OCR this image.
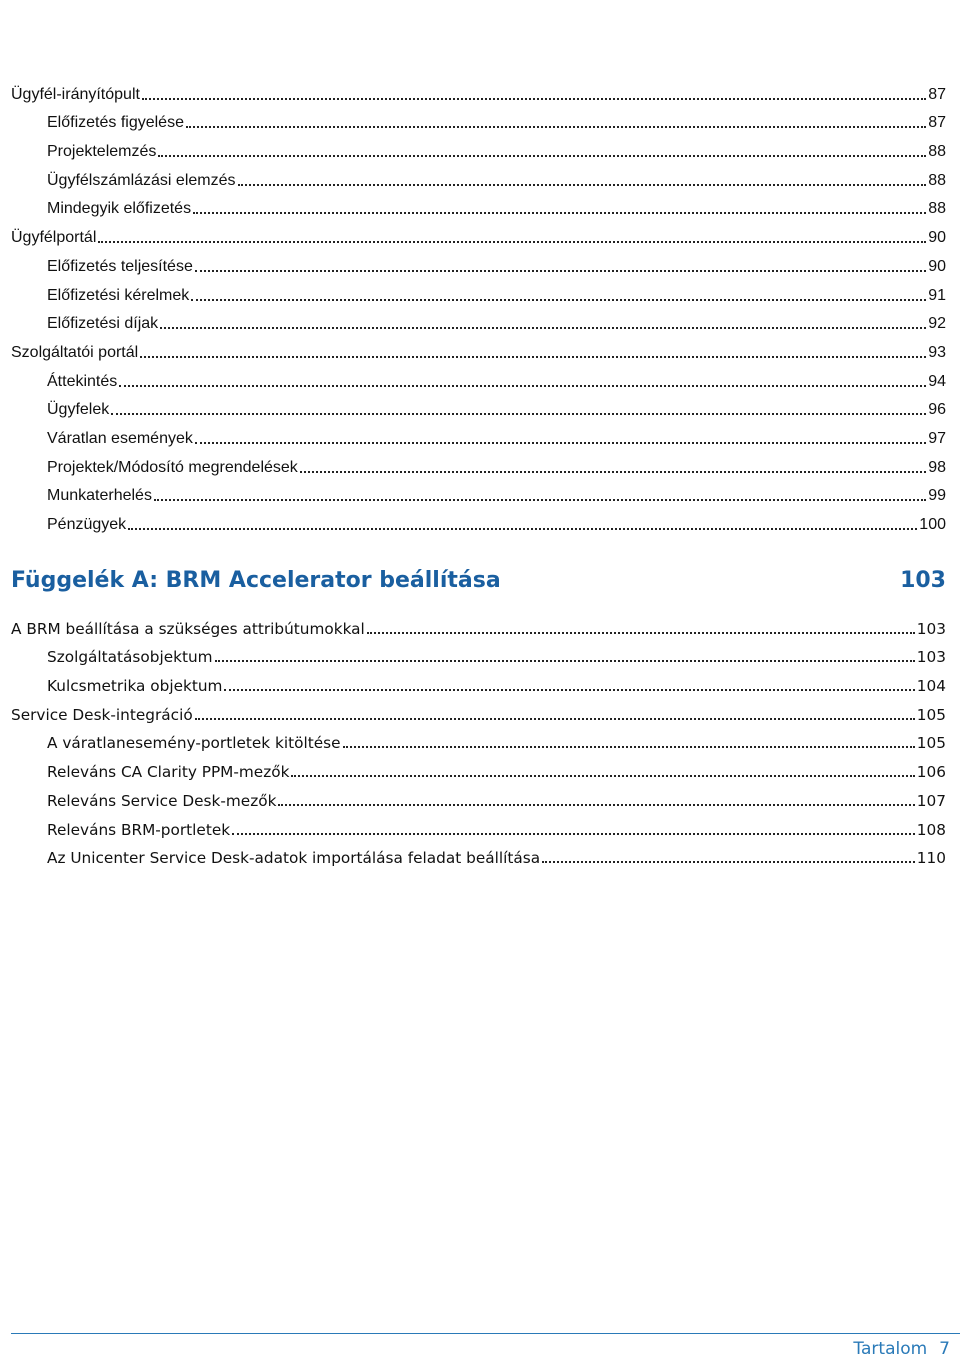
Ügyfél-irányítópult	87
Előfizetés figyelése	87
Projektelemzés	88
Ügyfélszámlázási elemzés	88
Mindegyik előfizetés	88
Ügyfélportál	90
Előfizetés teljesítése	90
Előfizetési kérelmek	91
Előfizetési díjak	92
Szolgáltatói portál	93
Áttekintés	94
Ügyfelek	96
Váratlan események	97
Projektek/Módosító megrendelések	98
Munkaterhelés	99
Pénzügyek	100
Függelék A: BRM Accelerator beállítása	103
A BRM beállítása a szükséges attribútumokkal	103
Szolgáltatásobjektum	103
Kulcsmetrika objektum	104
Service Desk-integráció	105
A váratlanesemény-portletek kitöltése	105
Releváns CA Clarity PPM-mezők	106
Releváns Service Desk-mezők	107
Releváns BRM-portletek	108
Az Unicenter Service Desk-adatok importálása feladat beállítása	110
Tartalom 7
